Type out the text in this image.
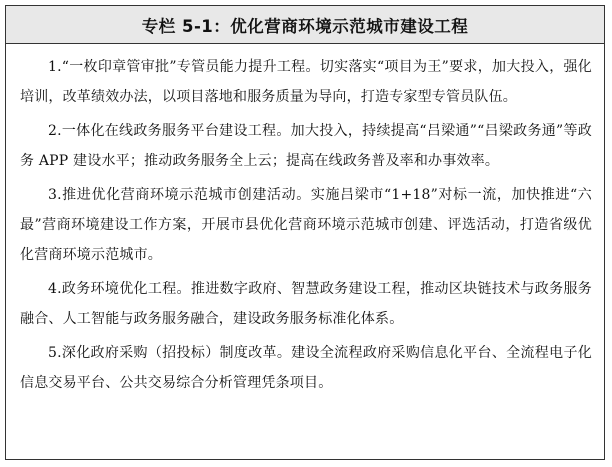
专栏 5-1：优化营商环境示范城市建设工程

1.“一枚印章管审批”专管员能力提升工程。切实落实“项目为王”要求，加大投入，强化培训，改革绩效办法，以项目落地和服务质量为导向，打造专家型专管员队伍。

2.一体化在线政务服务平台建设工程。加大投入，持续提高“吕梁通”“吕梁政务通”等政务 APP 建设水平；推动政务服务全上云；提高在线政务普及率和办事效率。

3.推进优化营商环境示范城市创建活动。实施吕梁市“1+18”对标一流，加快推进“六最”营商环境建设工作方案，开展市县优化营商环境示范城市创建、评选活动，打造省级优化营商环境示范城市。

4.政务环境优化工程。推进数字政府、智慧政务建设工程，推动区块链技术与政务服务融合、人工智能与政务服务融合，建设政务服务标准化体系。

5.深化政府采购（招投标）制度改革。建设全流程政府采购信息化平台、全流程电子化信息交易平台、公共交易综合分析管理凭条项目。
